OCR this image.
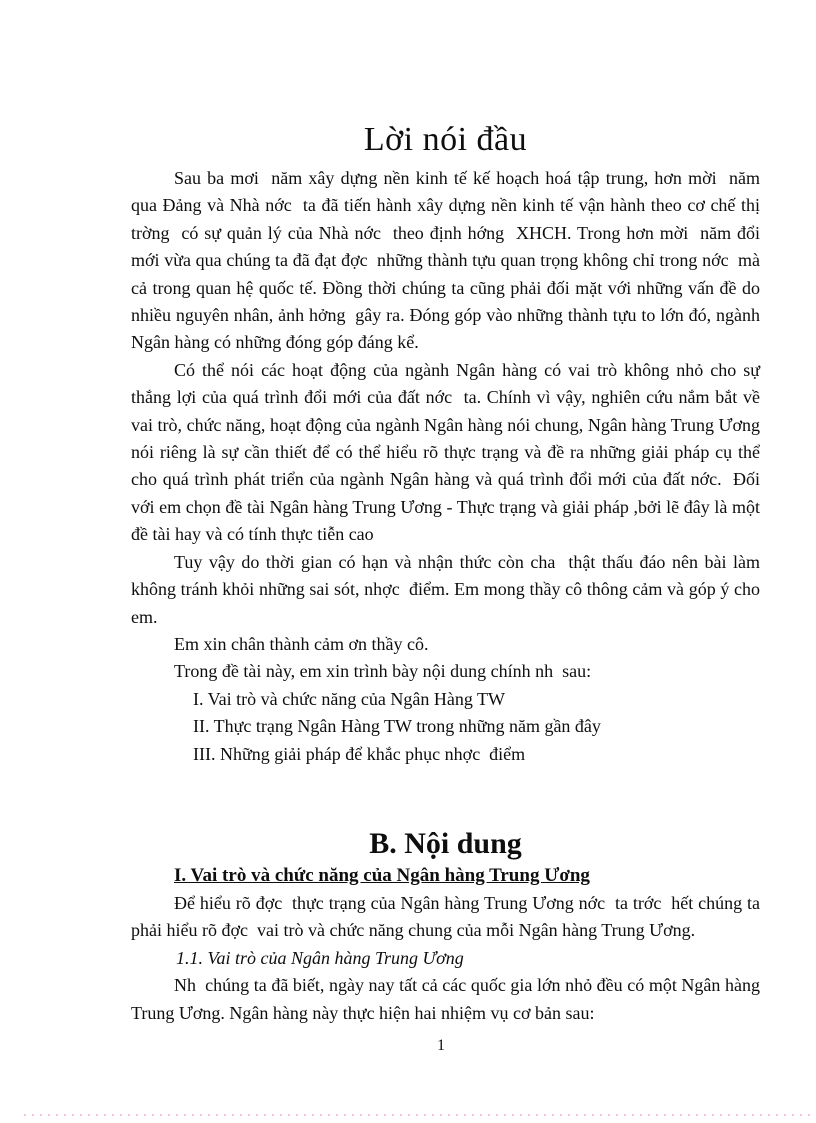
Lời nói đầu

Sau ba mơi  năm xây dựng nền kinh tế kế hoạch hoá tập trung, hơn mời  năm qua Đảng và Nhà nớc  ta đã tiến hành xây dựng nền kinh tế vận hành theo cơ chế thị trờng  có sự quản lý của Nhà nớc  theo định hớng  XHCH. Trong hơn mời  năm đổi mới vừa qua chúng ta đã đạt đợc  những thành tựu quan trọng không chỉ trong nớc  mà cả trong quan hệ quốc tế. Đồng thời chúng ta cũng phải đối mặt với những vấn đề do nhiều nguyên nhân, ảnh hởng  gây ra. Đóng góp vào những thành tựu to lớn đó, ngành Ngân hàng có những đóng góp đáng kể.

Có thể nói các hoạt động của ngành Ngân hàng có vai trò không nhỏ cho sự thắng lợi của quá trình đổi mới của đất nớc  ta. Chính vì vậy, nghiên cứu nắm bắt về vai trò, chức năng, hoạt động của ngành Ngân hàng nói chung, Ngân hàng Trung Ương nói riêng là sự cần thiết để có thể hiểu rõ thực trạng và đề ra những giải pháp cụ thể cho quá trình phát triển của ngành Ngân hàng và quá trình đổi mới của đất nớc.  Đối với em chọn đề tài Ngân hàng Trung Ương - Thực trạng và giải pháp ,bởi lẽ đây là một đề tài hay và có tính thực tiễn cao

Tuy vậy do thời gian có hạn và nhận thức còn cha  thật thấu đáo nên bài làm không tránh khỏi những sai sót, nhợc  điểm. Em mong thầy cô thông cảm và góp ý cho em.

Em xin chân thành cảm ơn thầy cô.

Trong đề tài này, em xin trình bày nội dung chính nh  sau:

I. Vai trò và chức năng của Ngân Hàng TW

II. Thực trạng Ngân Hàng TW trong những năm gần đây

III. Những giải pháp để khắc phục nhợc  điểm

B. Nội dung
I. Vai trò và chức năng của Ngân hàng Trung Ương

Để hiểu rõ đợc  thực trạng của Ngân hàng Trung Ương nớc  ta trớc  hết chúng ta phải hiểu rõ đợc  vai trò và chức năng chung của mỗi Ngân hàng Trung Ương.

1.1. Vai trò của Ngân hàng Trung Ương

Nh  chúng ta đã biết, ngày nay tất cả các quốc gia lớn nhỏ đều có một Ngân hàng Trung Ương. Ngân hàng này thực hiện hai nhiệm vụ cơ bản sau:

1
